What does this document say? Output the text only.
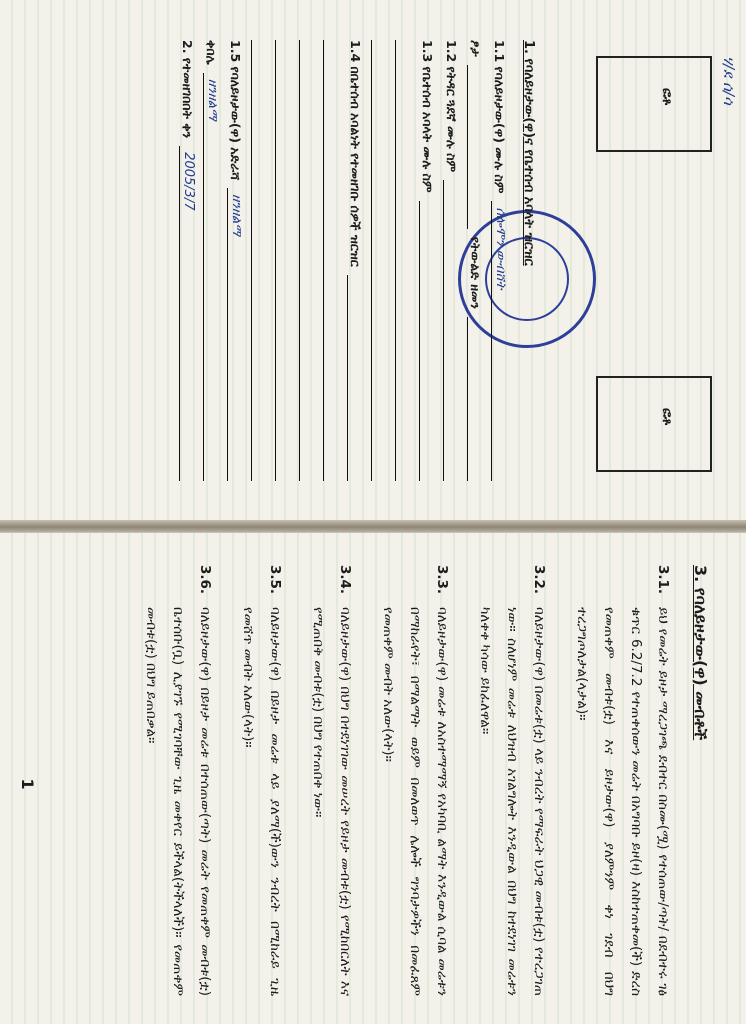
ሃ/ደ ሰ/ሳ
ፎቶ
ፎቶ
1. የባለይዞታው(ዋ)ና የቤተሰብ አባላት ዝርዝር
1.1 የባለይዞታው(ዋ) ሙሉ ስም
ሰሎሞን ውብሸት
ፆታ
የትውልድ ዘመን
1.2 የትዳር ጓደኛ ሙሉ ስም
1.3 የቤተሰብ አባላት ሙሉ ስም
1.4 በቤተሰብ አባልነት የተመዘገቡ ሰዎች ዝርዝር
1.5 የባለይዞታው(ዋ) አድራሻ
ዘንዘልማ
ቀበሌ
ዘንዘልማ
2. የተመዘገበበት ቀን
2005/3/7
3. የባለይዞታው(ዋ) መብቶች
3.1.
ይህ የመሬት ይዞታ ማረጋገጫ ደብተር በስሙ(ሟ) የተሰጠው/ጣት/ በደብተሩ ገፅ ቁጥር 6.2/7.2 የተጠቀሰውን መሬት በአግባቡ ይዞ(ዛ) እስከተጠቀመ(ች) ድረስ የመጠቀም መብቱ(ቷ) እና ይዞታው(ዋ) ያለምንም ቀነ ገደብ በህግ ተረጋግጦለታል(ላታል)።
3.2.
ባለይዞታው(ዋ) በመሬቱ(ቷ) ላይ ንብረት የማፍራት ህጋዊ መብቱ(ቷ) የተረጋገጠ ነው። ስለሆነም መሬቱ ለህዝብ አገልግሎት እንዲውል በህግ ከተደነገገ መሬቱን ካለቀቀ ካሳው ይከፈለዋል።
3.3.
ባለይዞታው(ዋ) መሬቱ ለአስተማማኝ የአካባቢ ልማት እንዲውል ሲባል መሬቱን በማከራየት፣ በማልማት ወይም በመለወጥ ሌሎች ግንባታዎችን በመፈጸም የመጠቀም መብት አለው(ላት)።
3.4.
ባለይዞታው(ዋ) በህግ በተደነገገው መሠረት የይዞታ መብቱ(ቷ) የሚከበርለት እና የሚጠበቅ መብቱ(ቷ) በህግ የተጠበቀ ነው።
3.5.
ባለይዞታው(ዋ) በይዞታ መሬቱ ላይ ያለማ(ች)ውን ንብረት በሚከራይ ጊዜ የመሸጥ መብት አለው(ላት)።
3.6.
ባለይዞታው(ዋ) በይዞታ መሬቱ በተሰጠው(ጣት) መሬት የመጠቀም መብቱ(ቷ) ቤተሰቡ(ቧ) ሊያገኙ የሚገባቸው ጊዜ መቀየር ይችላል(ትችላለች)። የመጠቀም መብቱ(ቷ) በህግ ይጠበቃል።
1
